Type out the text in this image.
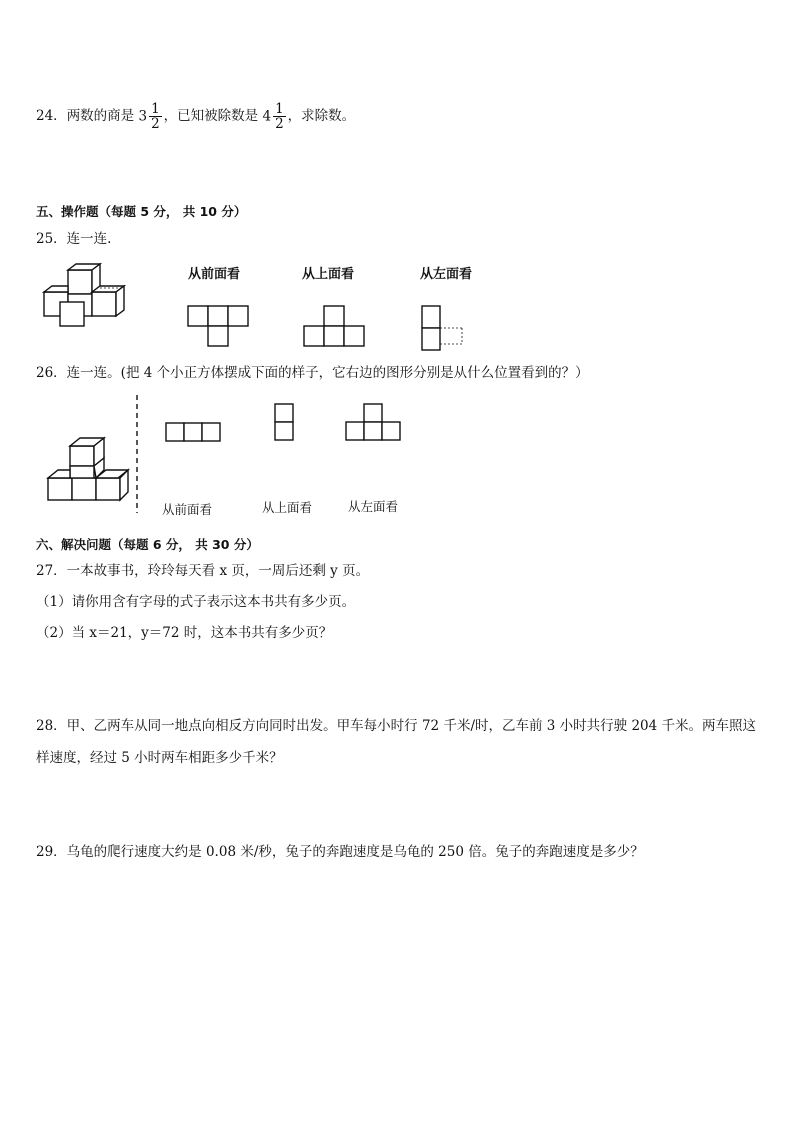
24．两数的商是 $3 \frac{1}{2}$ ，已知被除数是 $4 \frac{1}{2}$ ，求除数。
五、操作题（每题 5 分， 共 10 分）
25．连一连.
从前面看	从上面看	从左面看
26．连一连。(把 4 个小正方体摆成下面的样子，它右边的图形分别是从什么位置看到的？）
从前面看	从上面看	从左面看
六、解决问题（每题 6 分， 共 30 分）
27．一本故事书，玲玲每天看 x 页，一周后还剩 y 页。
（1）请你用含有字母的式子表示这本书共有多少页。
（2）当 x＝21，y＝72 时，这本书共有多少页？
28．甲、乙两车从同一地点向相反方向同时出发。甲车每小时行 72 千米/时，乙车前 3 小时共行驶 204 千米。两车照这
样速度，经过 5 小时两车相距多少千米？
29．乌龟的爬行速度大约是 0.08 米/秒，兔子的奔跑速度是乌龟的 250 倍。兔子的奔跑速度是多少？
